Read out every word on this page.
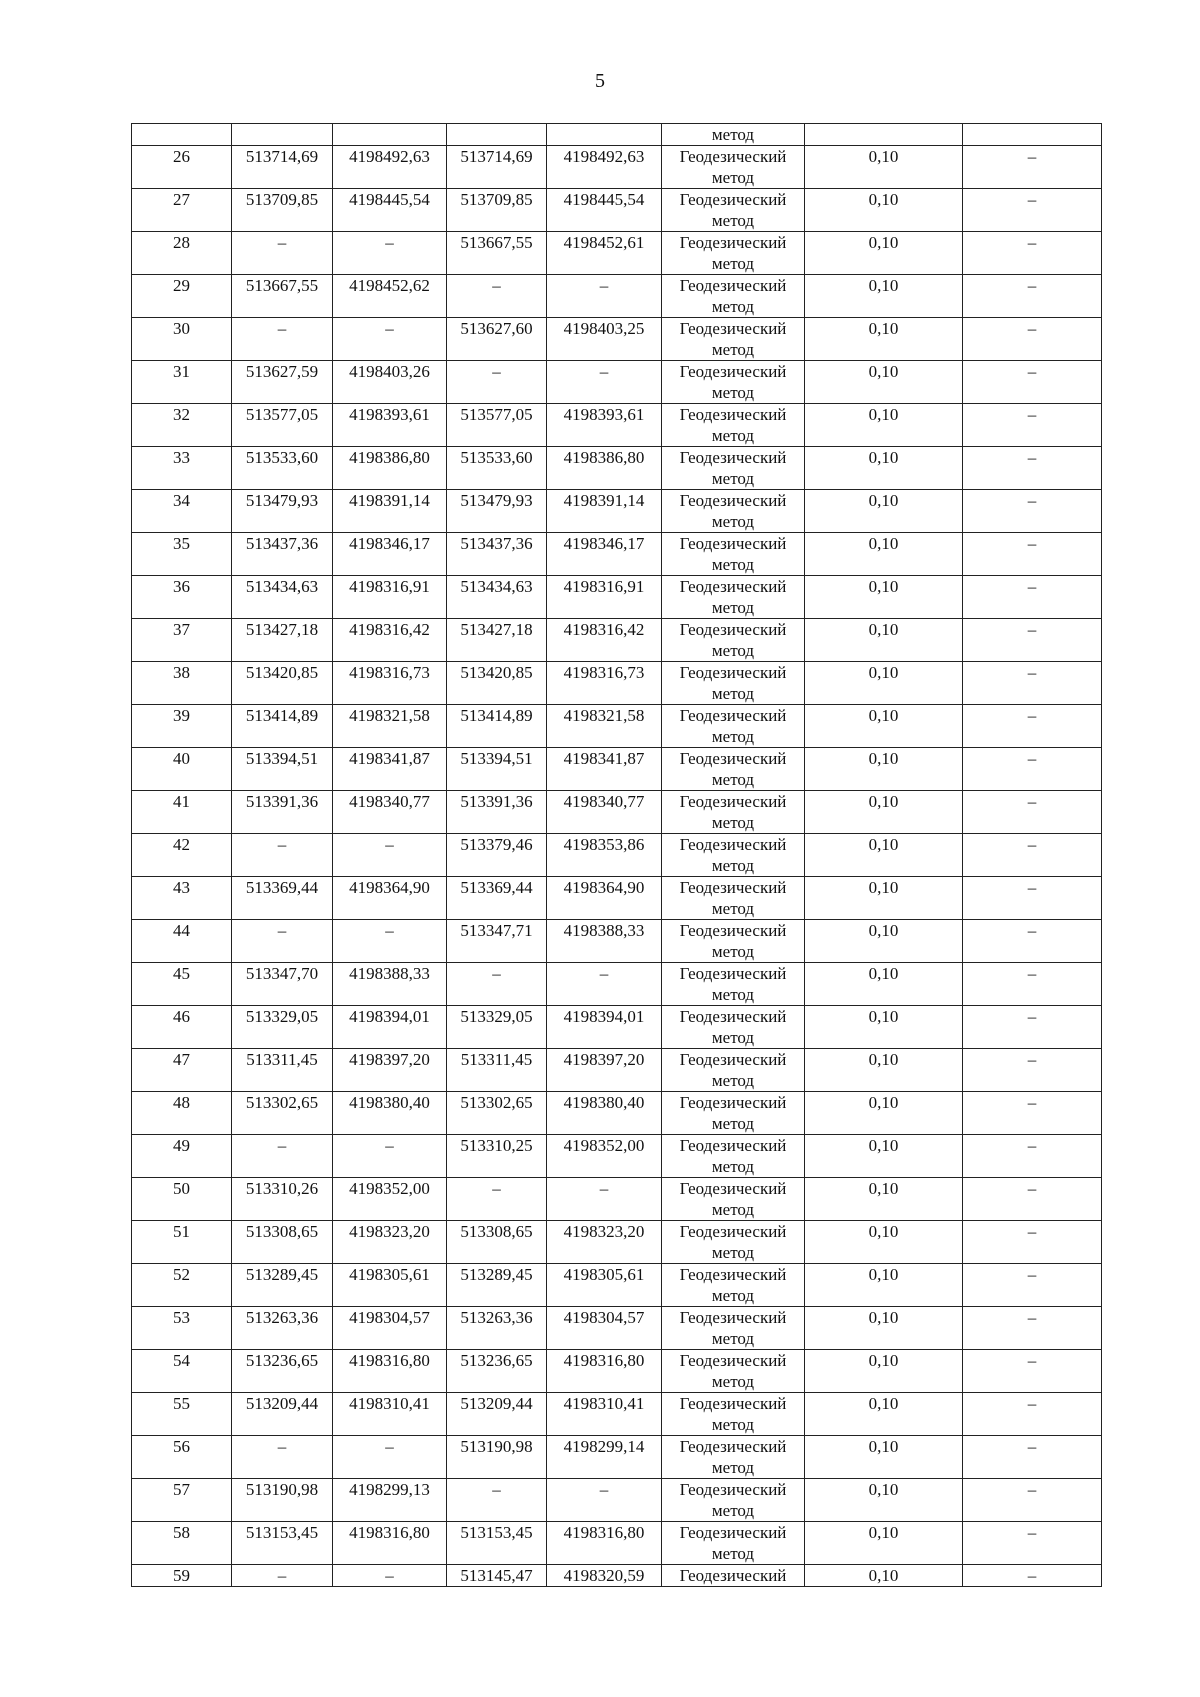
5
					метод		
26	513714,69	4198492,63	513714,69	4198492,63	Геодезический
метод	0,10	–
27	513709,85	4198445,54	513709,85	4198445,54	Геодезический
метод	0,10	–
28	–	–	513667,55	4198452,61	Геодезический
метод	0,10	–
29	513667,55	4198452,62	–	–	Геодезический
метод	0,10	–
30	–	–	513627,60	4198403,25	Геодезический
метод	0,10	–
31	513627,59	4198403,26	–	–	Геодезический
метод	0,10	–
32	513577,05	4198393,61	513577,05	4198393,61	Геодезический
метод	0,10	–
33	513533,60	4198386,80	513533,60	4198386,80	Геодезический
метод	0,10	–
34	513479,93	4198391,14	513479,93	4198391,14	Геодезический
метод	0,10	–
35	513437,36	4198346,17	513437,36	4198346,17	Геодезический
метод	0,10	–
36	513434,63	4198316,91	513434,63	4198316,91	Геодезический
метод	0,10	–
37	513427,18	4198316,42	513427,18	4198316,42	Геодезический
метод	0,10	–
38	513420,85	4198316,73	513420,85	4198316,73	Геодезический
метод	0,10	–
39	513414,89	4198321,58	513414,89	4198321,58	Геодезический
метод	0,10	–
40	513394,51	4198341,87	513394,51	4198341,87	Геодезический
метод	0,10	–
41	513391,36	4198340,77	513391,36	4198340,77	Геодезический
метод	0,10	–
42	–	–	513379,46	4198353,86	Геодезический
метод	0,10	–
43	513369,44	4198364,90	513369,44	4198364,90	Геодезический
метод	0,10	–
44	–	–	513347,71	4198388,33	Геодезический
метод	0,10	–
45	513347,70	4198388,33	–	–	Геодезический
метод	0,10	–
46	513329,05	4198394,01	513329,05	4198394,01	Геодезический
метод	0,10	–
47	513311,45	4198397,20	513311,45	4198397,20	Геодезический
метод	0,10	–
48	513302,65	4198380,40	513302,65	4198380,40	Геодезический
метод	0,10	–
49	–	–	513310,25	4198352,00	Геодезический
метод	0,10	–
50	513310,26	4198352,00	–	–	Геодезический
метод	0,10	–
51	513308,65	4198323,20	513308,65	4198323,20	Геодезический
метод	0,10	–
52	513289,45	4198305,61	513289,45	4198305,61	Геодезический
метод	0,10	–
53	513263,36	4198304,57	513263,36	4198304,57	Геодезический
метод	0,10	–
54	513236,65	4198316,80	513236,65	4198316,80	Геодезический
метод	0,10	–
55	513209,44	4198310,41	513209,44	4198310,41	Геодезический
метод	0,10	–
56	–	–	513190,98	4198299,14	Геодезический
метод	0,10	–
57	513190,98	4198299,13	–	–	Геодезический
метод	0,10	–
58	513153,45	4198316,80	513153,45	4198316,80	Геодезический
метод	0,10	–
59	–	–	513145,47	4198320,59	Геодезический	0,10	–
